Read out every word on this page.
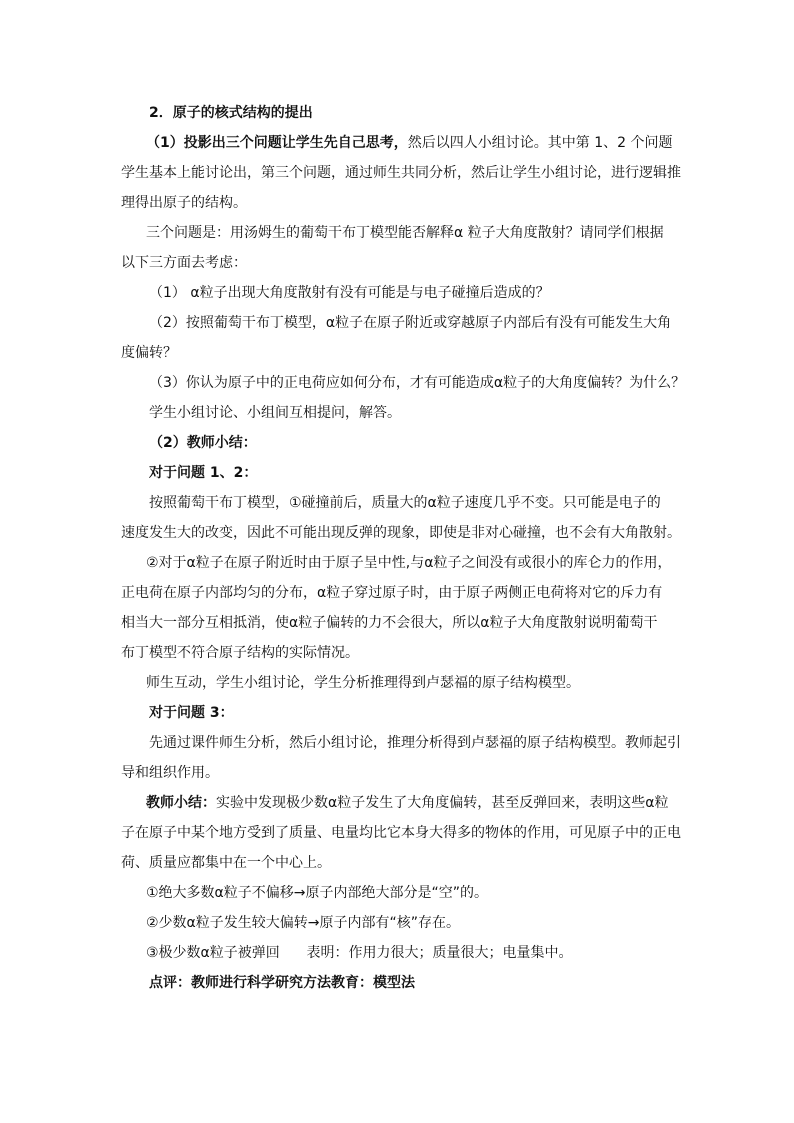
2．原子的核式结构的提出

（1）投影出三个问题让学生先自己思考，然后以四人小组讨论。其中第 1、2 个问题

学生基本上能讨论出，第三个问题，通过师生共同分析，然后让学生小组讨论，进行逻辑推

理得出原子的结构。

三个问题是：用汤姆生的葡萄干布丁模型能否解释α 粒子大角度散射？请同学们根据

以下三方面去考虑：

（1） α粒子出现大角度散射有没有可能是与电子碰撞后造成的？

（2）按照葡萄干布丁模型，α粒子在原子附近或穿越原子内部后有没有可能发生大角

度偏转？

（3）你认为原子中的正电荷应如何分布，才有可能造成α粒子的大角度偏转？为什么？

学生小组讨论、小组间互相提问，解答。

（2）教师小结：

对于问题 1、2：

按照葡萄干布丁模型，①碰撞前后，质量大的α粒子速度几乎不变。只可能是电子的

速度发生大的改变，因此不可能出现反弹的现象，即使是非对心碰撞，也不会有大角散射。

②对于α粒子在原子附近时由于原子呈中性,与α粒子之间没有或很小的库仑力的作用，

正电荷在原子内部均匀的分布，α粒子穿过原子时，由于原子两侧正电荷将对它的斥力有

相当大一部分互相抵消，使α粒子偏转的力不会很大，所以α粒子大角度散射说明葡萄干

布丁模型不符合原子结构的实际情况。

师生互动，学生小组讨论，学生分析推理得到卢瑟福的原子结构模型。

对于问题 3：

先通过课件师生分析，然后小组讨论，推理分析得到卢瑟福的原子结构模型。教师起引

导和组织作用。

教师小结：实验中发现极少数α粒子发生了大角度偏转，甚至反弹回来，表明这些α粒

子在原子中某个地方受到了质量、电量均比它本身大得多的物体的作用，可见原子中的正电

荷、质量应都集中在一个中心上。

①绝大多数α粒子不偏移→原子内部绝大部分是“空”的。

②少数α粒子发生较大偏转→原子内部有“核”存在。

③极少数α粒子被弹回      表明：作用力很大；质量很大；电量集中。

点评：教师进行科学研究方法教育：模型法
